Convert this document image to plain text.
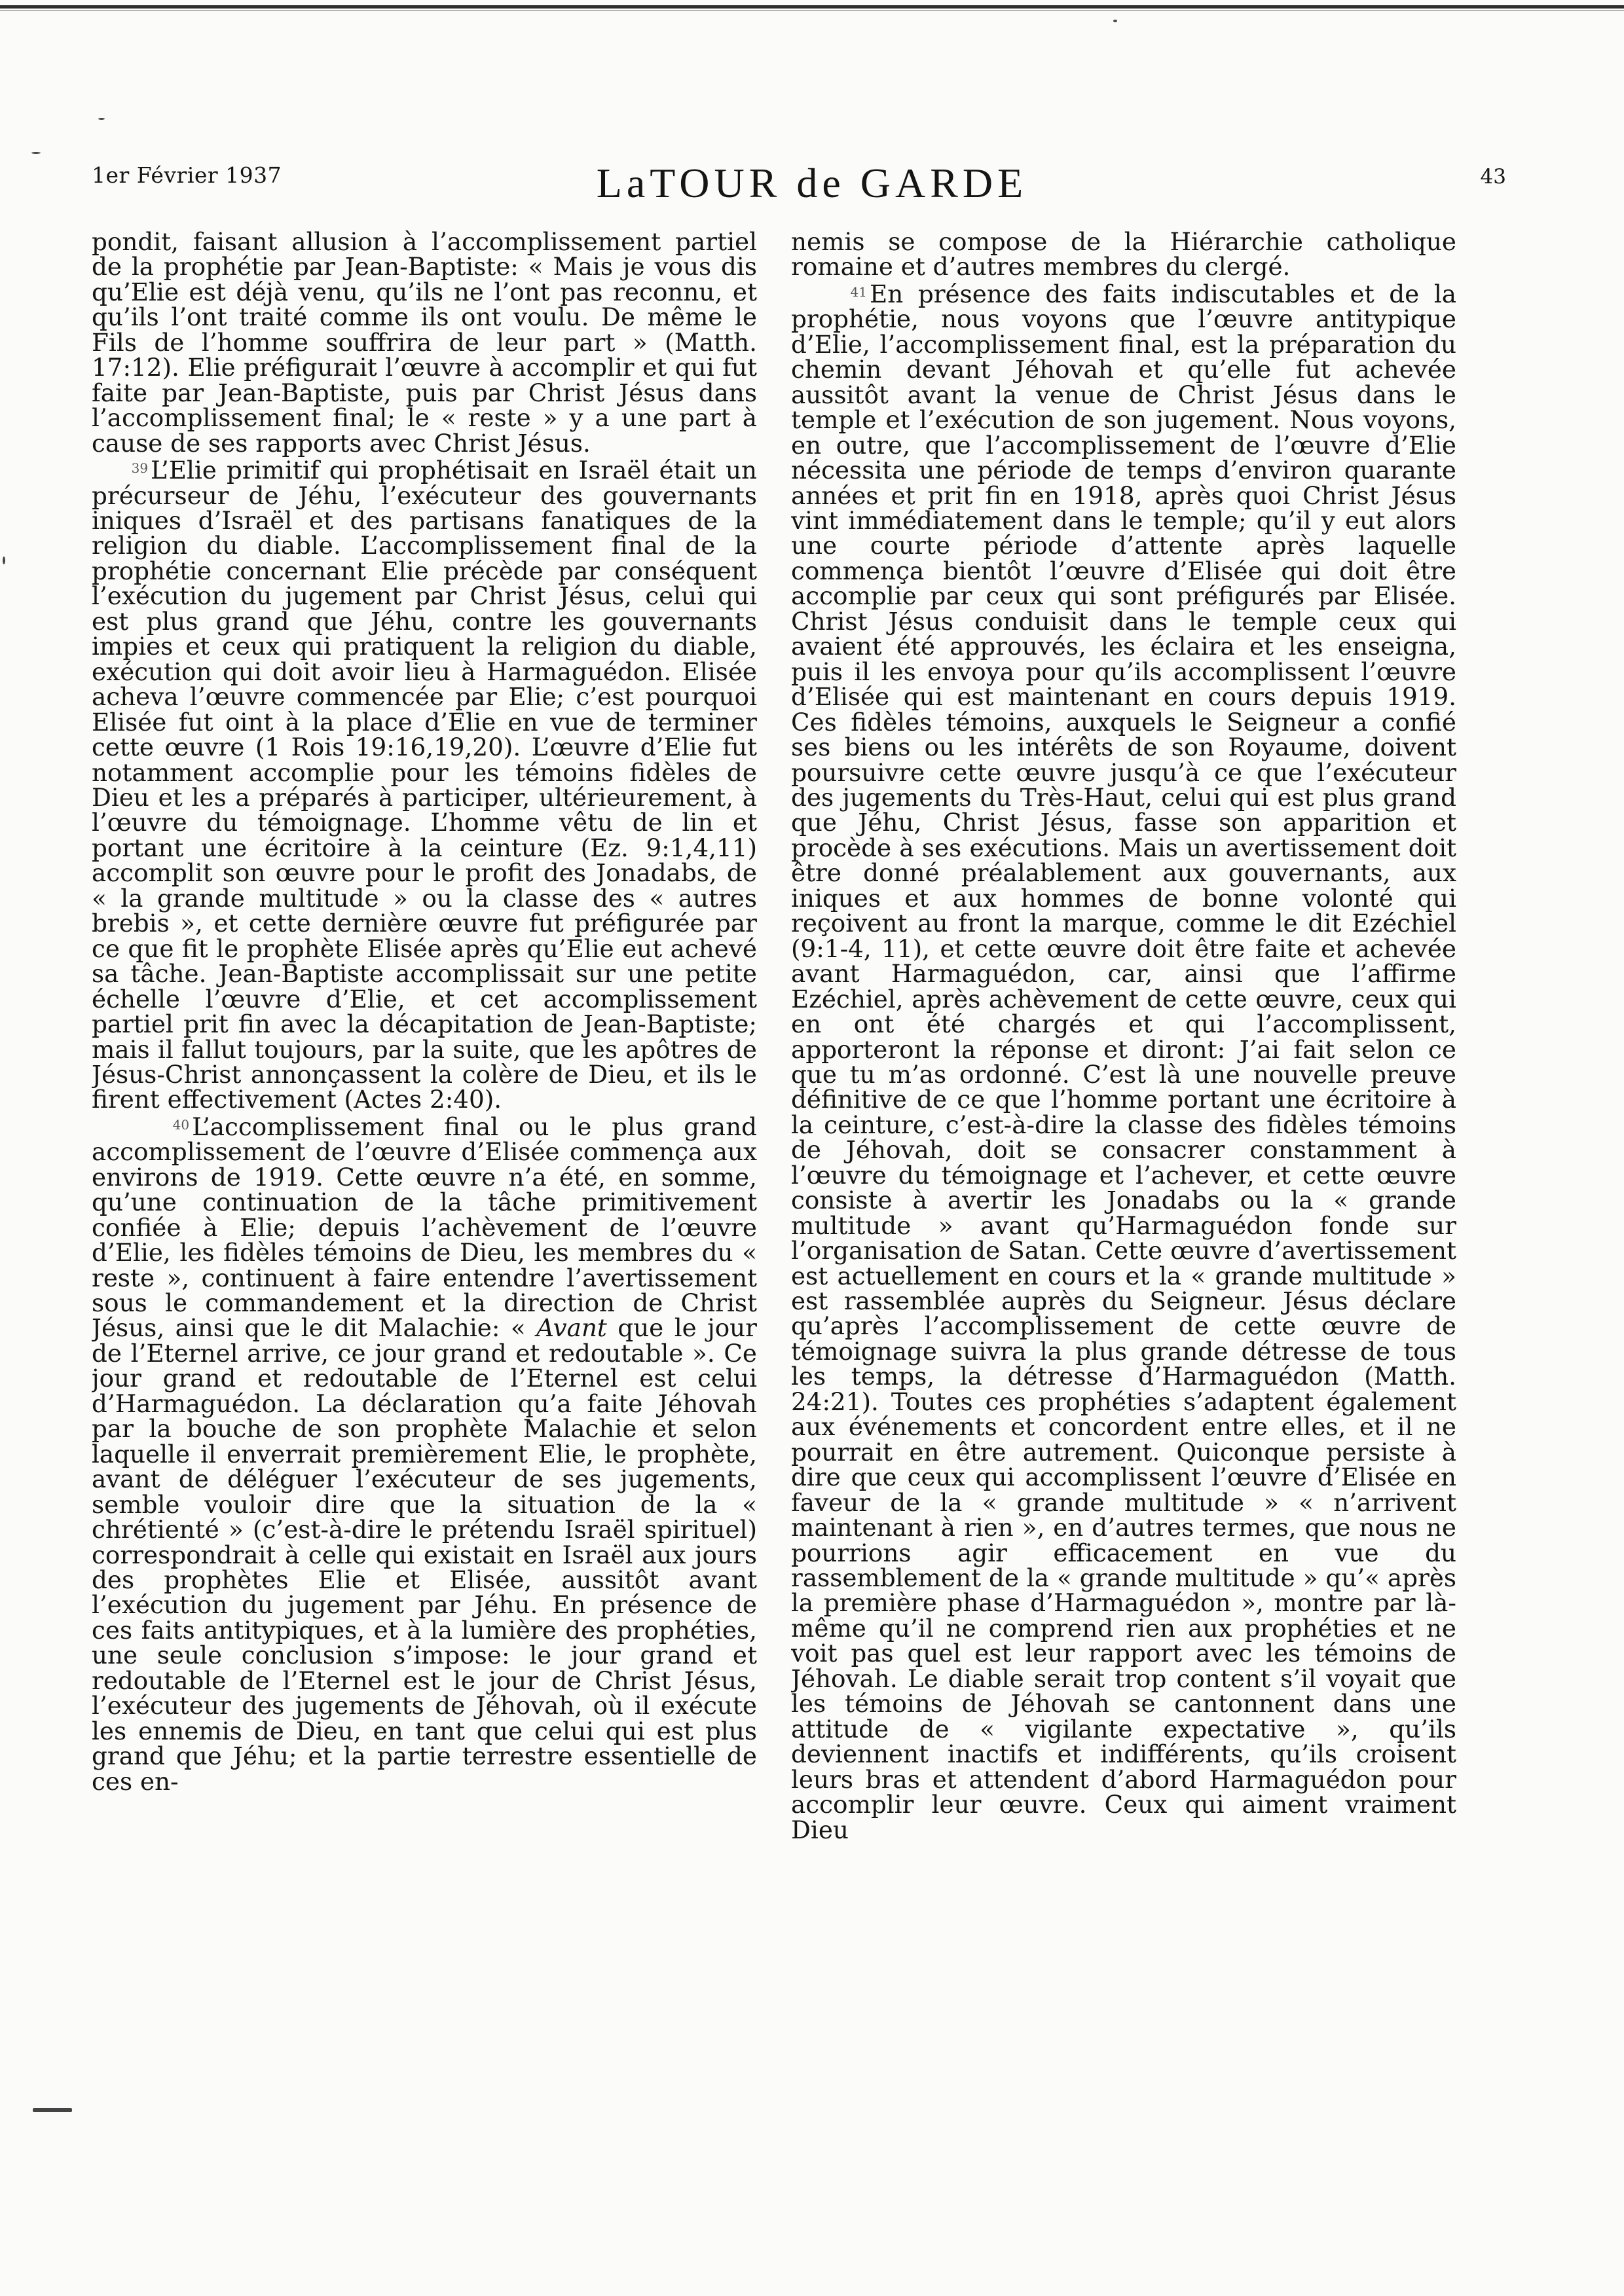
1er Février 1937	LaTOUR de GARDE	43

pondit, faisant allusion à l’accomplissement partiel de la prophétie par Jean-Baptiste: « Mais je vous dis qu’Elie est déjà venu, qu’ils ne l’ont pas reconnu, et qu’ils l’ont traité comme ils ont voulu. De même le Fils de l’homme souffrira de leur part » (Matth. 17:12). Elie préfigurait l’œuvre à accomplir et qui fut faite par Jean-Baptiste, puis par Christ Jésus dans l’accomplissement final; le « reste » y a une part à cause de ses rapports avec Christ Jésus.

$^{39}$ L’Elie primitif qui prophétisait en Israël était un précurseur de Jéhu, l’exécuteur des gouvernants iniques d’Israël et des partisans fanatiques de la religion du diable. L’accomplissement final de la prophétie concernant Elie précède par conséquent l’exécution du jugement par Christ Jésus, celui qui est plus grand que Jéhu, contre les gouvernants impies et ceux qui pratiquent la religion du diable, exécution qui doit avoir lieu à Harmaguédon. Elisée acheva l’œuvre commencée par Elie; c’est pourquoi Elisée fut oint à la place d’Elie en vue de terminer cette œuvre (1 Rois 19:16,19,20). L’œuvre d’Elie fut notamment accomplie pour les témoins fidèles de Dieu et les a préparés à participer, ultérieurement, à l’œuvre du témoignage. L’homme vêtu de lin et portant une écritoire à la ceinture (Ez. 9:1,4,11) accomplit son œuvre pour le profit des Jonadabs, de « la grande multitude » ou la classe des « autres brebis », et cette dernière œuvre fut préfigurée par ce que fit le prophète Elisée après qu’Elie eut achevé sa tâche. Jean-Baptiste accomplissait sur une petite échelle l’œuvre d’Elie, et cet accomplissement partiel prit fin avec la décapitation de Jean-Baptiste; mais il fallut toujours, par la suite, que les apôtres de Jésus-Christ annonçassent la colère de Dieu, et ils le firent effectivement (Actes 2:40).

$^{40}$ L’accomplissement final ou le plus grand accomplissement de l’œuvre d’Elisée commença aux environs de 1919. Cette œuvre n’a été, en somme, qu’une continuation de la tâche primitivement confiée à Elie; depuis l’achèvement de l’œuvre d’Elie, les fidèles témoins de Dieu, les membres du « reste », continuent à faire entendre l’avertissement sous le commandement et la direction de Christ Jésus, ainsi que le dit Malachie: « Avant que le jour de l’Eternel arrive, ce jour grand et redoutable ». Ce jour grand et redoutable de l’Eternel est celui d’Harmaguédon. La déclaration qu’a faite Jéhovah par la bouche de son prophète Malachie et selon laquelle il enverrait premièrement Elie, le prophète, avant de déléguer l’exécuteur de ses jugements, semble vouloir dire que la situation de la « chrétienté » (c’est-à-dire le prétendu Israël spirituel) correspondrait à celle qui existait en Israël aux jours des prophètes Elie et Elisée, aussitôt avant l’exécution du jugement par Jéhu. En présence de ces faits antitypiques, et à la lumière des prophéties, une seule conclusion s’impose: le jour grand et redoutable de l’Eternel est le jour de Christ Jésus, l’exécuteur des jugements de Jéhovah, où il exécute les ennemis de Dieu, en tant que celui qui est plus grand que Jéhu; et la partie terrestre essentielle de ces en-

nemis se compose de la Hiérarchie catholique romaine et d’autres membres du clergé.

$^{41}$ En présence des faits indiscutables et de la prophétie, nous voyons que l’œuvre antitypique d’Elie, l’accomplissement final, est la préparation du chemin devant Jéhovah et qu’elle fut achevée aussitôt avant la venue de Christ Jésus dans le temple et l’exécution de son jugement. Nous voyons, en outre, que l’accomplissement de l’œuvre d’Elie nécessita une période de temps d’environ quarante années et prit fin en 1918, après quoi Christ Jésus vint immédiatement dans le temple; qu’il y eut alors une courte période d’attente après laquelle commença bientôt l’œuvre d’Elisée qui doit être accomplie par ceux qui sont préfigurés par Elisée. Christ Jésus conduisit dans le temple ceux qui avaient été approuvés, les éclaira et les enseigna, puis il les envoya pour qu’ils accomplissent l’œuvre d’Elisée qui est maintenant en cours depuis 1919. Ces fidèles témoins, auxquels le Seigneur a confié ses biens ou les intérêts de son Royaume, doivent poursuivre cette œuvre jusqu’à ce que l’exécuteur des jugements du Très-Haut, celui qui est plus grand que Jéhu, Christ Jésus, fasse son apparition et procède à ses exécutions. Mais un avertissement doit être donné préalablement aux gouvernants, aux iniques et aux hommes de bonne volonté qui reçoivent au front la marque, comme le dit Ezéchiel (9:1-4, 11), et cette œuvre doit être faite et achevée avant Harmaguédon, car, ainsi que l’affirme Ezéchiel, après achèvement de cette œuvre, ceux qui en ont été chargés et qui l’accomplissent, apporteront la réponse et diront: J’ai fait selon ce que tu m’as ordonné. C’est là une nouvelle preuve définitive de ce que l’homme portant une écritoire à la ceinture, c’est-à-dire la classe des fidèles témoins de Jéhovah, doit se consacrer constamment à l’œuvre du témoignage et l’achever, et cette œuvre consiste à avertir les Jonadabs ou la « grande multitude » avant qu’Harmaguédon fonde sur l’organisation de Satan. Cette œuvre d’avertissement est actuellement en cours et la « grande multitude » est rassemblée auprès du Seigneur. Jésus déclare qu’après l’accomplissement de cette œuvre de témoignage suivra la plus grande détresse de tous les temps, la détresse d’Harmaguédon (Matth. 24:21). Toutes ces prophéties s’adaptent également aux événements et concordent entre elles, et il ne pourrait en être autrement. Quiconque persiste à dire que ceux qui accomplissent l’œuvre d’Elisée en faveur de la « grande multitude » « n’arrivent maintenant à rien », en d’autres termes, que nous ne pourrions agir efficacement en vue du rassemblement de la « grande multitude » qu’« après la première phase d’Harmaguédon », montre par là-même qu’il ne comprend rien aux prophéties et ne voit pas quel est leur rapport avec les témoins de Jéhovah. Le diable serait trop content s’il voyait que les témoins de Jéhovah se cantonnent dans une attitude de « vigilante expectative », qu’ils deviennent inactifs et indifférents, qu’ils croisent leurs bras et attendent d’abord Harmaguédon pour accomplir leur œuvre. Ceux qui aiment vraiment Dieu
